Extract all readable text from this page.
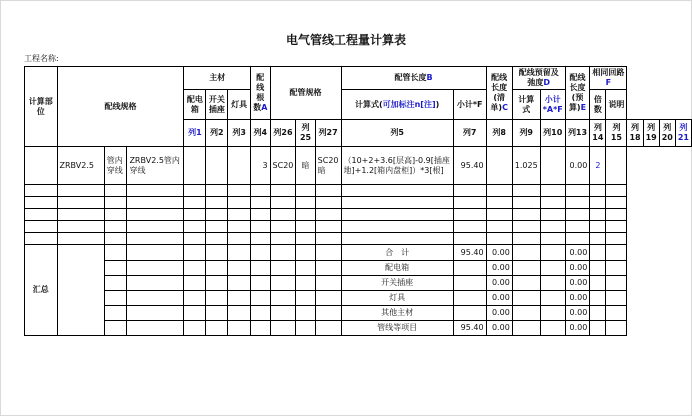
电气管线工程量计算表
工程名称:
计算部位	配线规格			主材			配线根数A	配管规格			配管长度B		配线长度(清单)C	配线预留及弛度D		配线长度(预算)E	相同回路F					
				配电箱	开关插座	灯具					计算式(可加标注n[注])	小计*F		计算式	小计*A*F		倍数	说明				
				列1	列2	列3	列4	列26	列25	列27	列5	列7	列8	列9	列10	列13	列14	列15	列18	列19	列20	列21
	ZRBV2.5	管内穿线	ZRBV2.5管内穿线				3	SC20	暗	SC20暗	（10+2+3.6[层高]-0.9[插座地]+1.2[箱内盘柜]）*3[根]	95.40		1.025		0.00	2					

汇总											合　计	95.40	0.00			0.00						
											配电箱		0.00			0.00						
											开关插座		0.00			0.00						
											灯具		0.00			0.00						
											其他主材		0.00			0.00						
											管线等项目	95.40	0.00			0.00						
